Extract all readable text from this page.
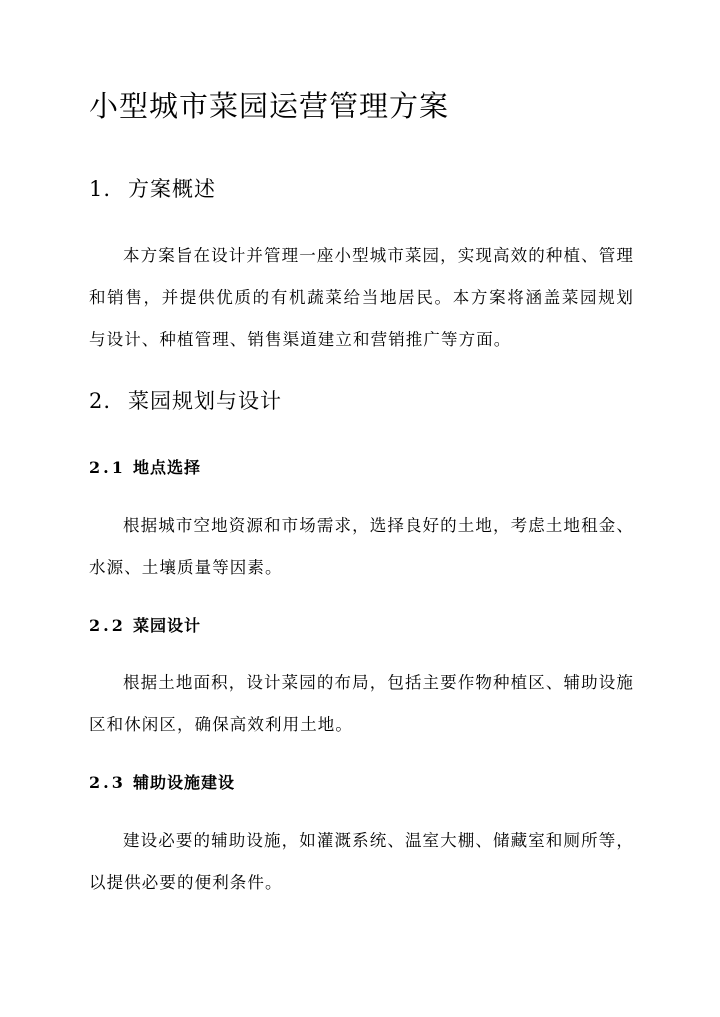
小型城市菜园运营管理方案
1. 方案概述

本方案旨在设计并管理一座小型城市菜园，实现高效的种植、管理和销售，并提供优质的有机蔬菜给当地居民。本方案将涵盖菜园规划与设计、种植管理、销售渠道建立和营销推广等方面。

2. 菜园规划与设计
2.1 地点选择

根据城市空地资源和市场需求，选择良好的土地，考虑土地租金、水源、土壤质量等因素。

2.2 菜园设计

根据土地面积，设计菜园的布局，包括主要作物种植区、辅助设施区和休闲区，确保高效利用土地。

2.3 辅助设施建设

建设必要的辅助设施，如灌溉系统、温室大棚、储藏室和厕所等，以提供必要的便利条件。
